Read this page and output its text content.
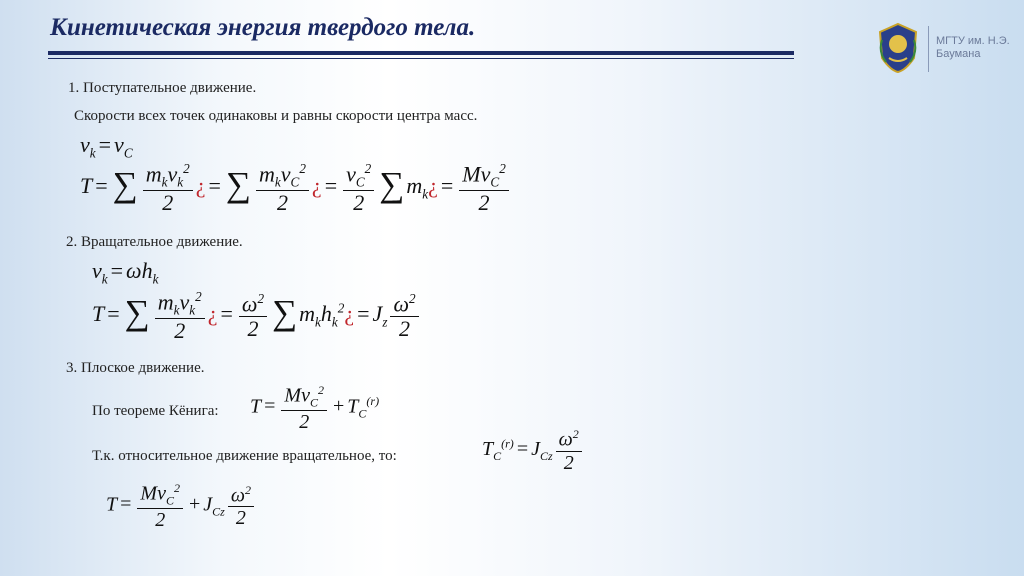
Кинетическая энергия твердого тела.	МГТУ им. Н.Э.
Баумана
1. Поступательное движение.
Скорости всех точек одинаковы и равны скорости центра масс.
$v_k = v_C$
T = ∑ $\frac{m_kv_k^2}{2}$ ¿ = ∑ $\frac{m_kv_C^2}{2}$ ¿ = $\frac{v_C^2}{2}$ $\sum m_k¿ = \frac{Mv_C^2}{2}$
2. Вращательное движение.
$v_k = \omega h_k$
T = ∑ $\frac{m_kv_k^2}{2}$ ¿ = $\frac{\omega^2}{2}$ $\sum m_kh_k^2¿ = J_z \frac{\omega^2}{2}$
3. Плоское движение.
По теореме Кёнига: $T = \frac{Mv_C^2}{2} + T_C^{(r)}$
Т.к. относительное движение вращательное, то:	$T_C^{(r)} = J_{Cz} \frac{\omega^2}{2}$
$T = \frac{Mv_C^2}{2} + J_{Cz} \frac{\omega^2}{2}$
